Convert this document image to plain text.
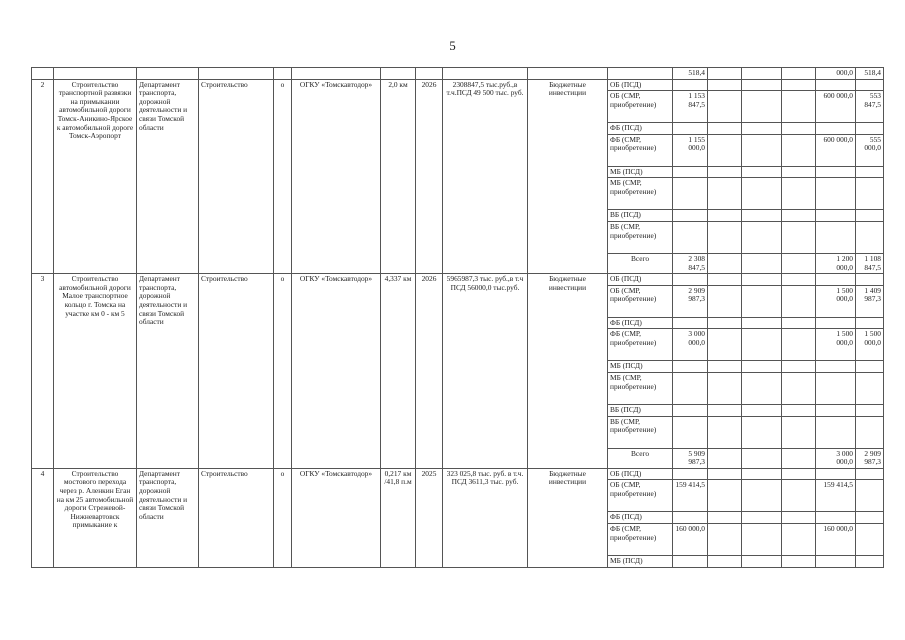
5
											518,4				000,0	518,4
2	Строительство транспортной развязки на примыкании автомобильной дороги Томск-Аникино-Ярское к автомобильной дороге Томск-Аэропорт	Департамент транспорта, дорожной деятельности и связи Томской области	Строительство	о	ОГКУ «Томскавтодор»	2,0 км	2026	2308847,5 тыс.руб.,в т.ч.ПСД 49 500 тыс. руб.	Бюджетные инвестиции	ОБ (ПСД)						
										ОБ (СМР, приобретение)	1 153 847,5				600 000,0	553 847,5
										ФБ (ПСД)						
										ФБ (СМР, приобретение)	1 155 000,0				600 000,0	555 000,0
										МБ (ПСД)						
										МБ (СМР, приобретение)						
										ВБ (ПСД)						
										ВБ (СМР, приобретение)						
										Всего	2 308 847,5				1 200 000,0	1 108 847,5
3	Строительство автомобильной дороги Малое транспортное кольцо г. Томска на участке км 0 - км 5	Департамент транспорта, дорожной деятельности и связи Томской области	Строительство	о	ОГКУ «Томскавтодор»	4,337 км	2026	5965987,3 тыс. руб.,в т.ч ПСД 56000,0 тыс.руб.	Бюджетные инвестиции	ОБ (ПСД)						
										ОБ (СМР, приобретение)	2 909 987,3				1 500 000,0	1 409 987,3
										ФБ (ПСД)						
										ФБ (СМР, приобретение)	3 000 000,0				1 500 000,0	1 500 000,0
										МБ (ПСД)						
										МБ (СМР, приобретение)						
										ВБ (ПСД)						
										ВБ (СМР, приобретение)						
										Всего	5 909 987,3				3 000 000,0	2 909 987,3
4	Строительство мостового перехода через р. Аленкин Еган на км 25 автомобильной дороги Стрежевой-Нижневартовск примыкание к	Департамент транспорта, дорожной деятельности и связи Томской области	Строительство	о	ОГКУ «Томскавтодор»	0,217 км /41,8 п.м	2025	323 025,8 тыс. руб. в т.ч. ПСД 3611,3 тыс. руб.	Бюджетные инвестиции	ОБ (ПСД)						
										ОБ (СМР, приобретение)	159 414,5				159 414,5	
										ФБ (ПСД)						
										ФБ (СМР, приобретение)	160 000,0				160 000,0	
										МБ (ПСД)						
